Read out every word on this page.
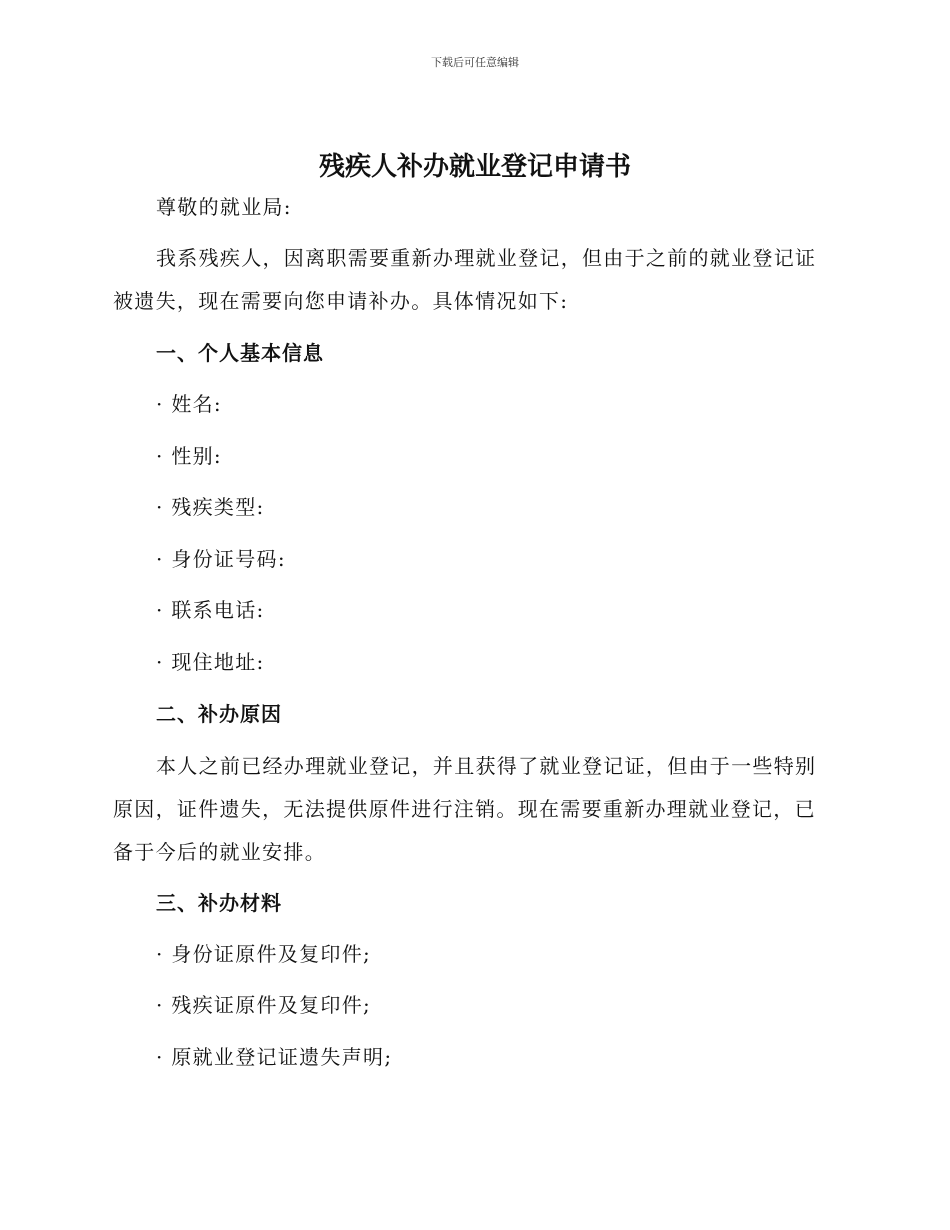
下载后可任意编辑
残疾人补办就业登记申请书
尊敬的就业局:
我系残疾人，因离职需要重新办理就业登记，但由于之前的就业登记证
被遗失，现在需要向您申请补办。具体情况如下:
一、个人基本信息
· 姓名:
· 性别:
· 残疾类型:
· 身份证号码:
· 联系电话:
· 现住地址:
二、补办原因
本人之前已经办理就业登记，并且获得了就业登记证，但由于一些特别
原因，证件遗失，无法提供原件进行注销。现在需要重新办理就业登记，已
备于今后的就业安排。
三、补办材料
· 身份证原件及复印件;
· 残疾证原件及复印件;
· 原就业登记证遗失声明;
